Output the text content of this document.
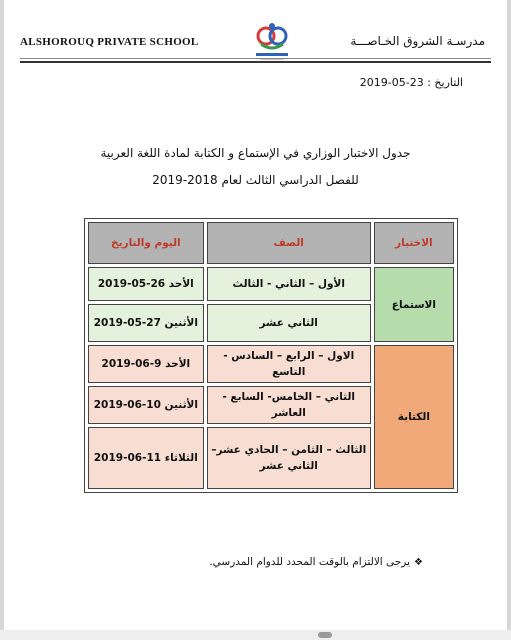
ALSHOROUQ PRIVATE SCHOOL	مدرسـة الشروق الخـاصـــة
التاريخ : 23-05-2019
جدول الاختبار الوزاري في الإستماع و الكتابة لمادة اللغة العربية
للفصل الدراسي الثالث لعام 2018-2019
الاختبار	الصف	اليوم والتاريخ
الاستماع	الأول – الثاني - الثالث	الأحد 26-05-2019
	الثاني عشر	الأثنين 27-05-2019
الكتابة	الاول – الرابع – السادس - التاسع	الأحد 9-06-2019
	الثاني – الخامس- السابع - العاشر	الأثنين 10-06-2019
	الثالث – الثامن – الحادي عشر– الثاني عشر	الثلاثاء 11-06-2019
❖
يرجى الالتزام بالوقت المحدد للدوام المدرسي.
